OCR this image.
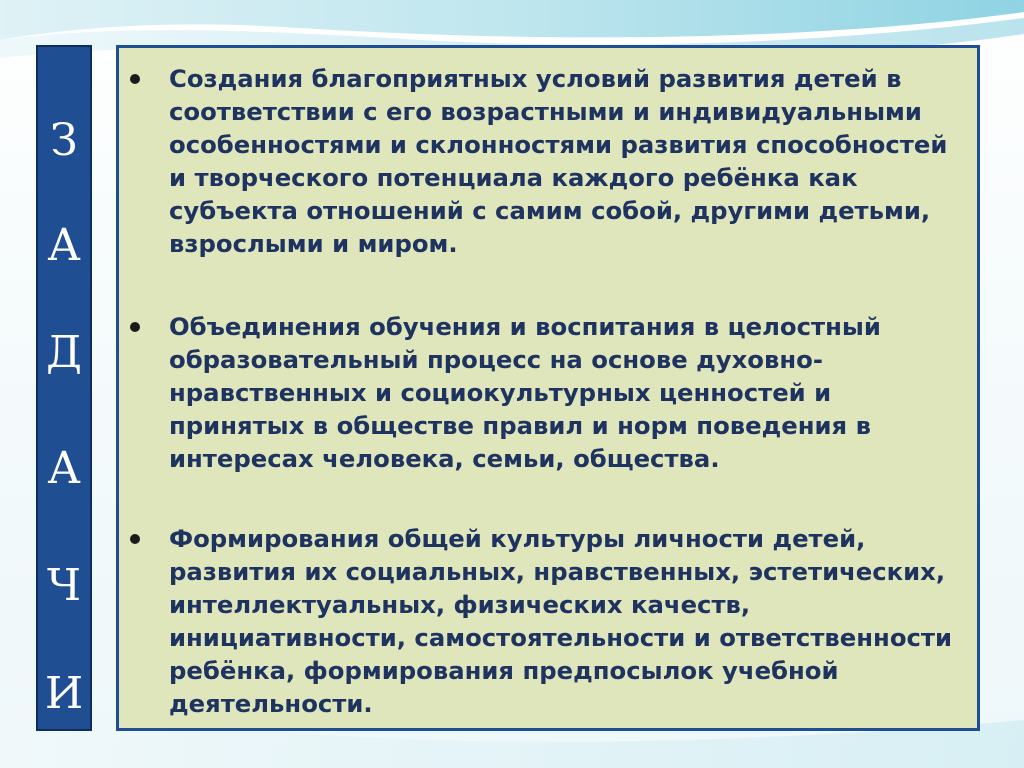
З
А
Д
А
Ч
И

Создания благоприятных условий развития детей в соответствии с его возрастными и индивидуальными особенностями и склонностями развития способностей и творческого потенциала каждого ребёнка как субъекта отношений с самим собой, другими детьми, взрослыми и миром.

Объединения обучения и воспитания в целостный образовательный процесс на основе духовно-нравственных и социокультурных ценностей и принятых в обществе правил и норм поведения в интересах человека, семьи, общества.

Формирования общей культуры личности детей, развития их социальных, нравственных, эстетических, интеллектуальных, физических качеств, инициативности, самостоятельности и ответственности ребёнка, формирования предпосылок учебной деятельности.
